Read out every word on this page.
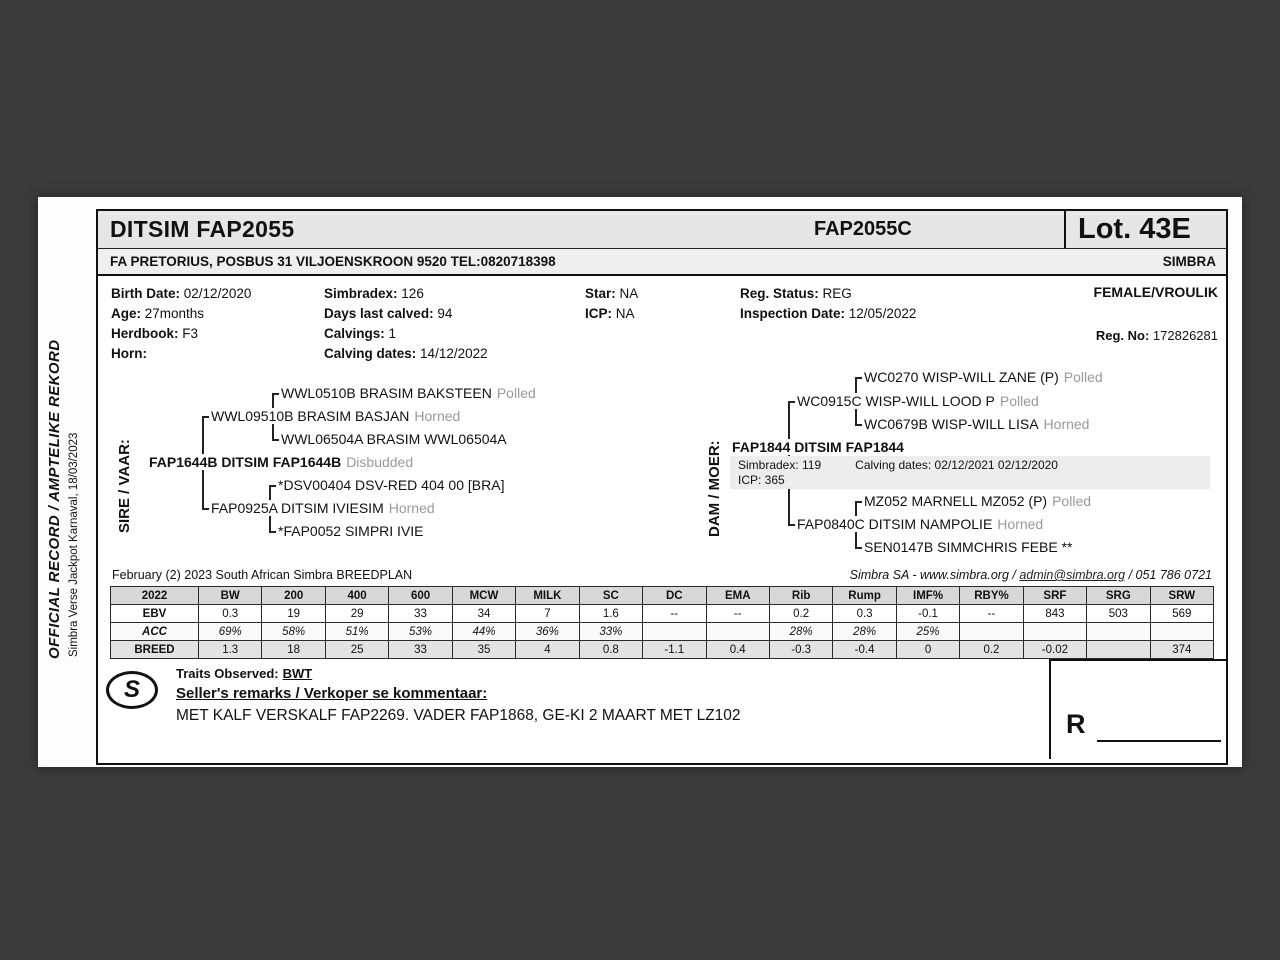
OFFICIAL RECORD / AMPTELIKE REKORD Simbra Verse Jackpot Karnaval, 18/03/2023
DITSIM FAP2055	FAP2055C	Lot. 43E
FA PRETORIUS, POSBUS 31 VILJOENSKROON 9520 TEL:0820718398	SIMBRA
Birth Date: 02/12/2020
Age: 27months
Herdbook: F3
Horn:
Simbradex: 126
Days last calved: 94
Calvings: 1
Calving dates: 14/12/2022
Star: NA
ICP: NA
Reg. Status: REG
Inspection Date: 12/05/2022
FEMALE/VROULIK
Reg. No: 172826281
SIRE / VAAR:	DAM / MOER:
WWL0510B BRASIM BAKSTEEN Polled
WWL09510B BRASIM BASJAN Horned
WWL06504A BRASIM WWL06504A
FAP1644B DITSIM FAP1644B Disbudded
*DSV00404 DSV-RED 404 00 [BRA]
FAP0925A DITSIM IVIESIM Horned
*FAP0052 SIMPRI IVIE
WC0270 WISP-WILL ZANE (P) Polled
WC0915C WISP-WILL LOOD P Polled
WC0679B WISP-WILL LISA Horned
FAP1844 DITSIM FAP1844
Simbradex: 119	Calving dates: 02/12/2021 02/12/2020
ICP: 365
MZ052 MARNELL MZ052 (P) Polled
FAP0840C DITSIM NAMPOLIE Horned
SEN0147B SIMMCHRIS FEBE **
February (2) 2023 South African Simbra BREEDPLAN	Simbra SA - www.simbra.org / admin@simbra.org / 051 786 0721
2022	BW	200	400	600	MCW	MILK	SC	DC	EMA	Rib	Rump	IMF%	RBY%	SRF	SRG	SRW
EBV	0.3	19	29	33	34	7	1.6	--	--	0.2	0.3	-0.1	--	843	503	569
ACC	69%	58%	51%	53%	44%	36%	33%			28%	28%	25%				
BREED	1.3	18	25	33	35	4	0.8	-1.1	0.4	-0.3	-0.4	0	0.2	-0.02		374
S
Traits Observed: BWT
Seller's remarks / Verkoper se kommentaar:
MET KALF VERSKALF FAP2269. VADER FAP1868, GE-KI 2 MAART MET LZ102	R
